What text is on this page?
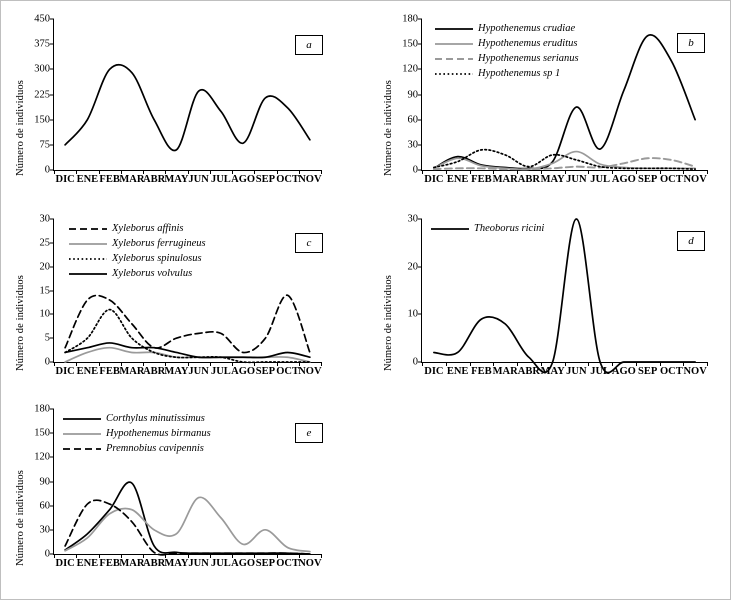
Número de individuos
450
375
300
225
150
75
0
DIC ENE FEB MAR
ABR MAY JUN JUL AGO SEP OCT NOV
a
Número de individuos
180
150
120
90
60
30
0
DIC ENE FEB MAR ABR MAY JUN JUL AGO SEP OCT NOV
Hypothenemus crudiae
Hypothenemus eruditus
Hypothenemus serianus
Hypothenemus sp 1
b
Número de individuos
30
25
20
15
10
5
0
DIC ENE FEB MAR
ABR MAY JUN JUL AGO SEP OCT NOV
Xyleborus affinis
Xyleborus ferrugineus
Xyleborus spinulosus
Xyleborus volvulus
c
Número de individuos
30
20
10
0
DIC ENE FEB MAR ABR MAY JUN JUL AGO SEP OCT NOV
Theoborus ricini
d
Número de individuos
180
150
120
90
60
30
0
DIC ENE FEB MAR
ABR MAY JUN JUL AGO SEP OCT NOV
Corthylus minutissimus
Hypothenemus birmanus
Premnobius cavipennis
e
